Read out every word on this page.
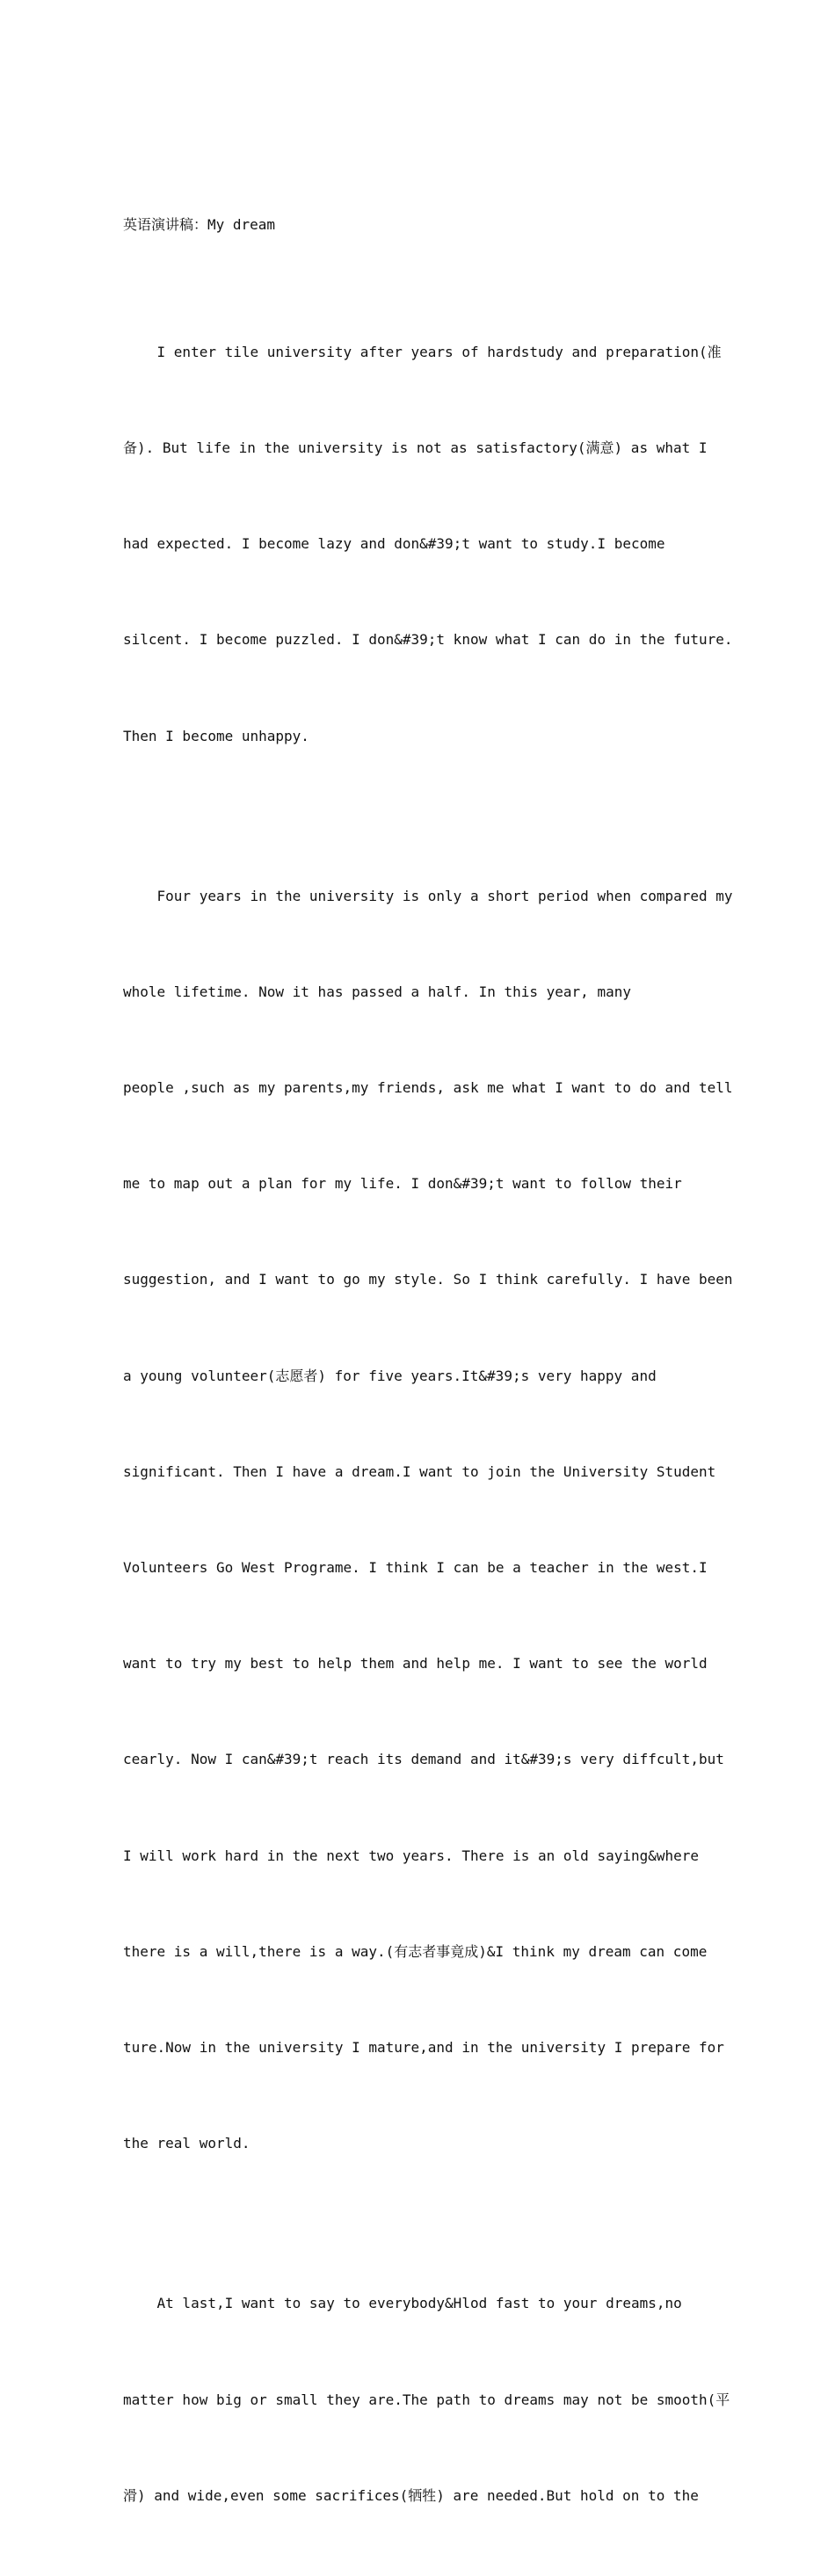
英语演讲稿：My dream

I enter tile university after years of hardstudy and preparation(准

备). But life in the university is not as satisfactory(满意) as what I

had expected. I become lazy and don&#39;t want to study.I become

silcent. I become puzzled. I don&#39;t know what I can do in the future.

Then I become unhappy.

Four years in the university is only a short period when compared my

whole lifetime. Now it has passed a half. In this year, many

people ,such as my parents,my friends, ask me what I want to do and tell

me to map out a plan for my life. I don&#39;t want to follow their

suggestion, and I want to go my style. So I think carefully. I have been

a young volunteer(志愿者) for five years.It&#39;s very happy and

significant. Then I have a dream.I want to join the University Student

Volunteers Go West Programe. I think I can be a teacher in the west.I

want to try my best to help them and help me. I want to see the world

cearly. Now I can&#39;t reach its demand and it&#39;s very diffcult,but

I will work hard in the next two years. There is an old saying&where

there is a will,there is a way.(有志者事竟成)&I think my dream can come

ture.Now in the university I mature,and in the university I prepare for

the real world.

At last,I want to say to everybody&Hlod fast to your dreams,no

matter how big or small they are.The path to dreams may not be smooth(平

滑) and wide,even some sacrifices(牺牲) are needed.But hold on to the
